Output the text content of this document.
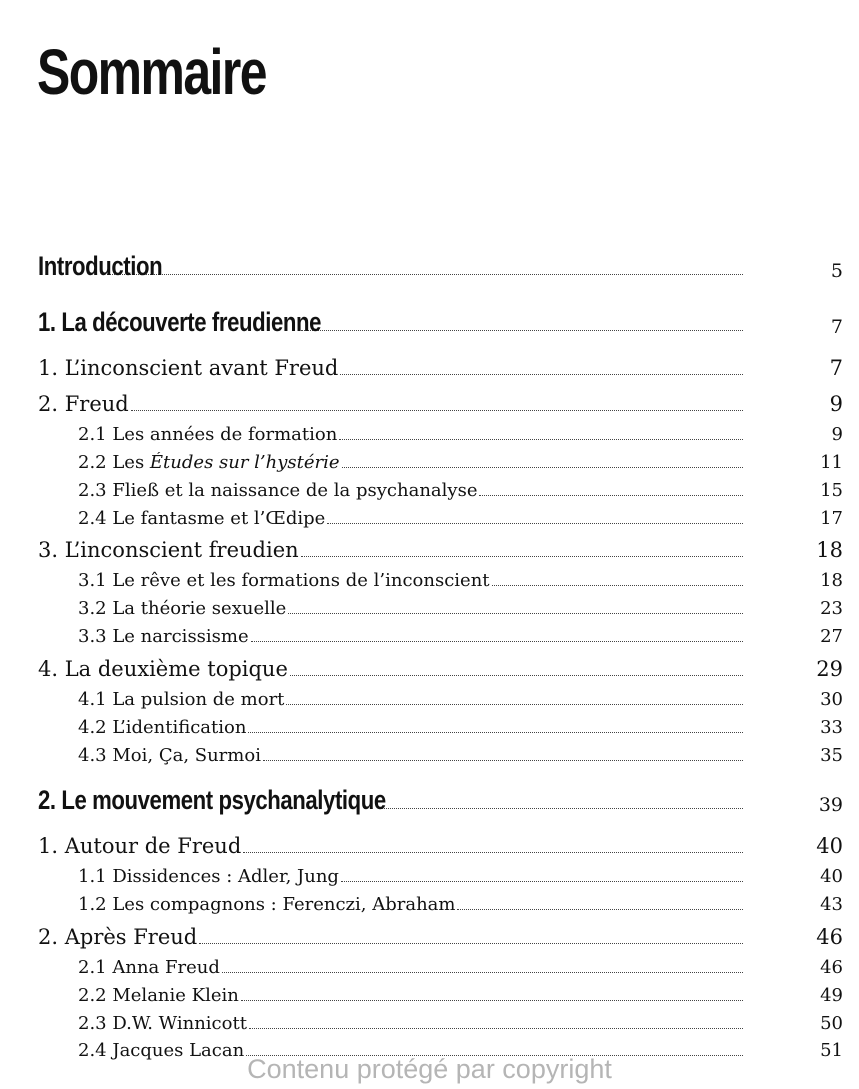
Sommaire
Introduction	5
1. La découverte freudienne	7
1. L’inconscient avant Freud	7
2. Freud	9
2.1 Les années de formation	9
2.2 Les Études sur l’hystérie	11
2.3 Fließ et la naissance de la psychanalyse	15
2.4 Le fantasme et l’Œdipe	17
3. L’inconscient freudien	18
3.1 Le rêve et les formations de l’inconscient	18
3.2 La théorie sexuelle	23
3.3 Le narcissisme	27
4. La deuxième topique	29
4.1 La pulsion de mort	30
4.2 L’identification	33
4.3 Moi, Ça, Surmoi	35
2. Le mouvement psychanalytique	39
1. Autour de Freud	40
1.1 Dissidences : Adler, Jung	40
1.2 Les compagnons : Ferenczi, Abraham	43
2. Après Freud	46
2.1 Anna Freud	46
2.2 Melanie Klein	49
2.3 D.W. Winnicott	50
2.4 Jacques Lacan	51
Contenu protégé par copyright
